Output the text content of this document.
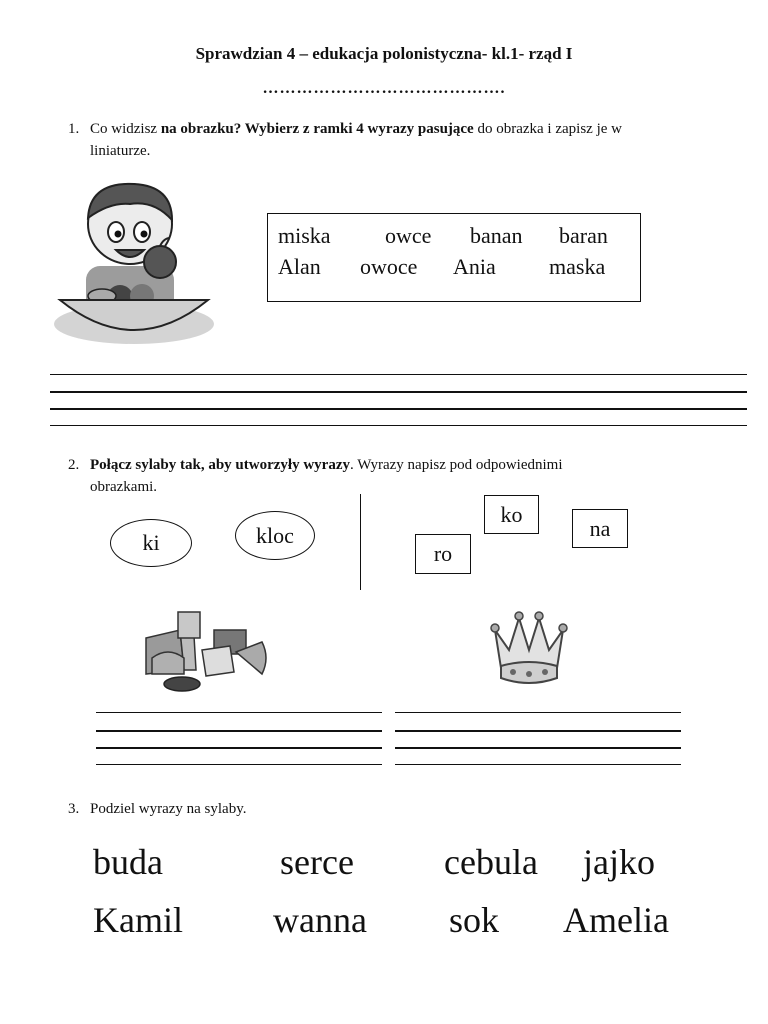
Sprawdzian 4 – edukacja polonistyczna- kl.1- rząd I
…………………………………….
1. Co widzisz na obrazku? Wybierz z ramki 4 wyrazy pasujące do obrazka i zapisz je w
liniaturze.
miska owce banan baran
Alan owoce Ania maska
2. Połącz sylaby tak, aby utworzyły wyrazy. Wyrazy napisz pod odpowiednimi
obrazkami.
ki	kloc
ko
na
ro
3. Podziel wyrazy na sylaby.
buda	serce	cebula jajko
Kamil	wanna sok Amelia
